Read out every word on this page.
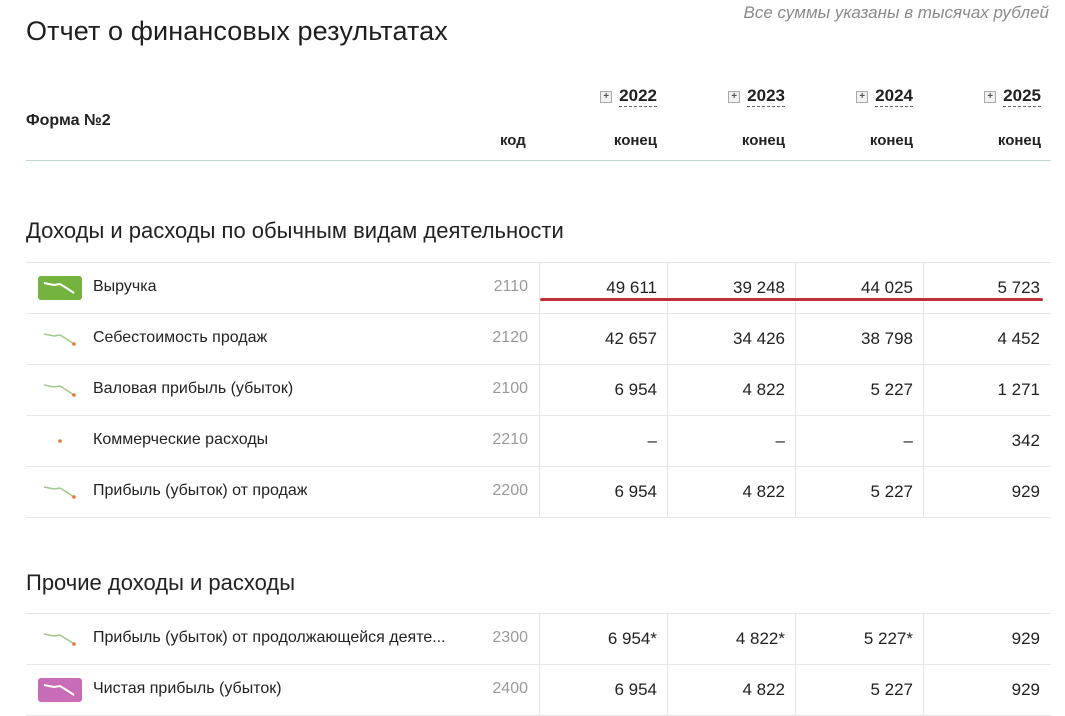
Все суммы указаны в тысячах рублей
Отчет о финансовых результатах
Форма №2
код
+ 2022	+ 2023	+ 2024	+ 2025
конец	конец	конец	конец
Доходы и расходы по обычным видам деятельности
Выручка	2110	49 611	39 248	44 025	5 723
Себестоимость продаж	2120	42 657	34 426	38 798	4 452
Валовая прибыль (убыток)	2100	6 954	4 822	5 227	1 271
Коммерческие расходы	2210	–	–	–	342
Прибыль (убыток) от продаж	2200	6 954	4 822	5 227	929
Прочие доходы и расходы
Прибыль (убыток) от продолжающейся деяте...	2300	6 954*	4 822*	5 227*	929
Чистая прибыль (убыток)	2400	6 954	4 822	5 227	929
